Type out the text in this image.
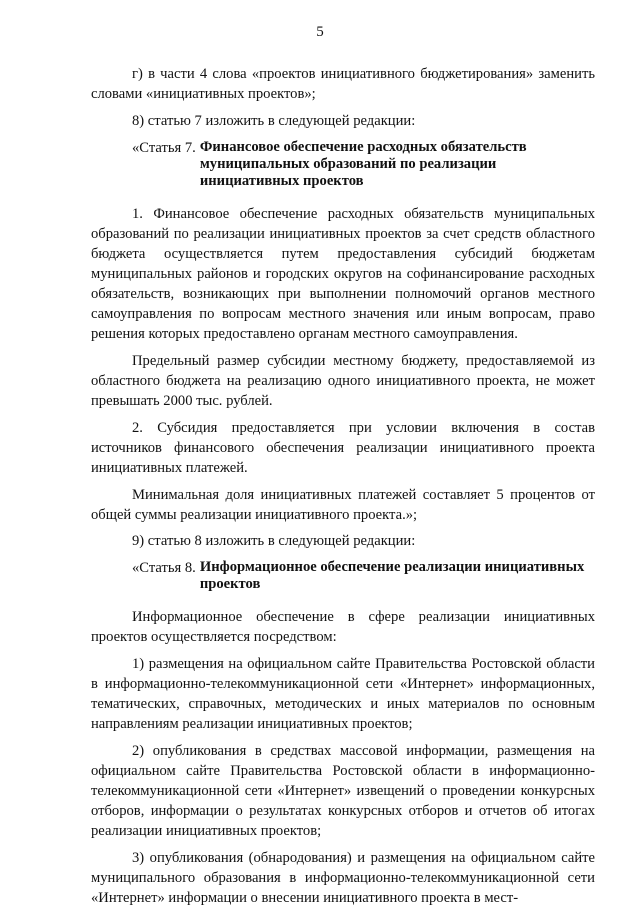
5

г) в части 4 слова «проектов инициативного бюджетирования» заменить словами «инициативных проектов»;

8) статью 7 изложить в следующей редакции:

«Статья 7. Финансовое обеспечение расходных обязательств муниципальных образований по реализации инициативных проектов

1. Финансовое обеспечение расходных обязательств муниципальных образований по реализации инициативных проектов за счет средств областного бюджета осуществляется путем предоставления субсидий бюджетам муниципальных районов и городских округов на софинансирование расходных обязательств, возникающих при выполнении полномочий органов местного самоуправления по вопросам местного значения или иным вопросам, право решения которых предоставлено органам местного самоуправления.

Предельный размер субсидии местному бюджету, предоставляемой из областного бюджета на реализацию одного инициативного проекта, не может превышать 2000 тыс. рублей.

2. Субсидия предоставляется при условии включения в состав источников финансового обеспечения реализации инициативного проекта инициативных платежей.

Минимальная доля инициативных платежей составляет 5 процентов от общей суммы реализации инициативного проекта.»;

9) статью 8 изложить в следующей редакции:

«Статья 8. Информационное обеспечение реализации инициативных проектов

Информационное обеспечение в сфере реализации инициативных проектов осуществляется посредством:

1) размещения на официальном сайте Правительства Ростовской области в информационно-телекоммуникационной сети «Интернет» информационных, тематических, справочных, методических и иных материалов по основным направлениям реализации инициативных проектов;

2) опубликования в средствах массовой информации, размещения на официальном сайте Правительства Ростовской области в информационно-телекоммуникационной сети «Интернет» извещений о проведении конкурсных отборов, информации о результатах конкурсных отборов и отчетов об итогах реализации инициативных проектов;

3) опубликования (обнародования) и размещения на официальном сайте муниципального образования в информационно-телекоммуникационной сети «Интернет» информации о внесении инициативного проекта в мест-
